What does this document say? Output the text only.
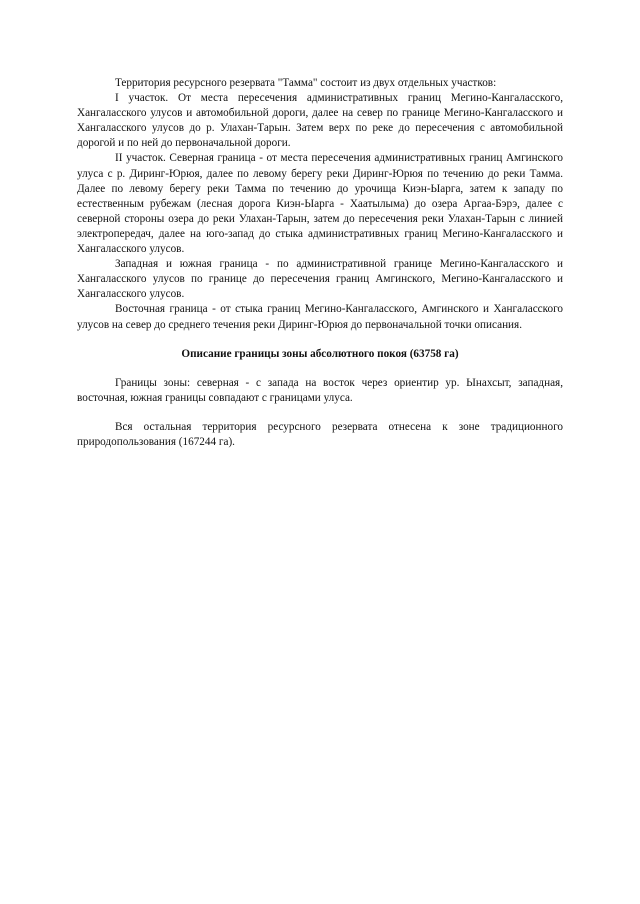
Территория ресурсного резервата "Тамма" состоит из двух отдельных участков:

I участок. От места пересечения административных границ Мегино-Кангаласского, Хангаласского улусов и автомобильной дороги, далее на север по границе Мегино-Кангаласского и Хангаласского улусов до р. Улахан-Тарын. Затем верх по реке до пересечения с автомобильной дорогой и по ней до первоначальной дороги.

II участок. Северная граница - от места пересечения административных границ Амгинского улуса с р. Диринг-Юрюя, далее по левому берегу реки Диринг-Юрюя по течению до реки Тамма. Далее по левому берегу реки Тамма по течению до урочища Киэн-Ыарга, затем к западу по естественным рубежам (лесная дорога Киэн-Ыарга - Хаатылыма) до озера Аргаа-Бэрэ, далее с северной стороны озера до реки Улахан-Тарын, затем до пересечения реки Улахан-Тарын с линией электропередач, далее на юго-запад до стыка административных границ Мегино-Кангаласского и Хангаласского улусов.

Западная и южная граница - по административной границе Мегино-Кангаласского и Хангаласского улусов по границе до пересечения границ Амгинского, Мегино-Кангаласского и Хангаласского улусов.

Восточная граница - от стыка границ Мегино-Кангаласского, Амгинского и Хангаласского улусов на север до среднего течения реки Диринг-Юрюя до первоначальной точки описания.

Описание границы зоны абсолютного покоя (63758 га)

Границы зоны: северная - с запада на восток через ориентир ур. Ынахсыт, западная, восточная, южная границы совпадают с границами улуса.

Вся остальная территория ресурсного резервата отнесена к зоне традиционного природопользования (167244 га).
